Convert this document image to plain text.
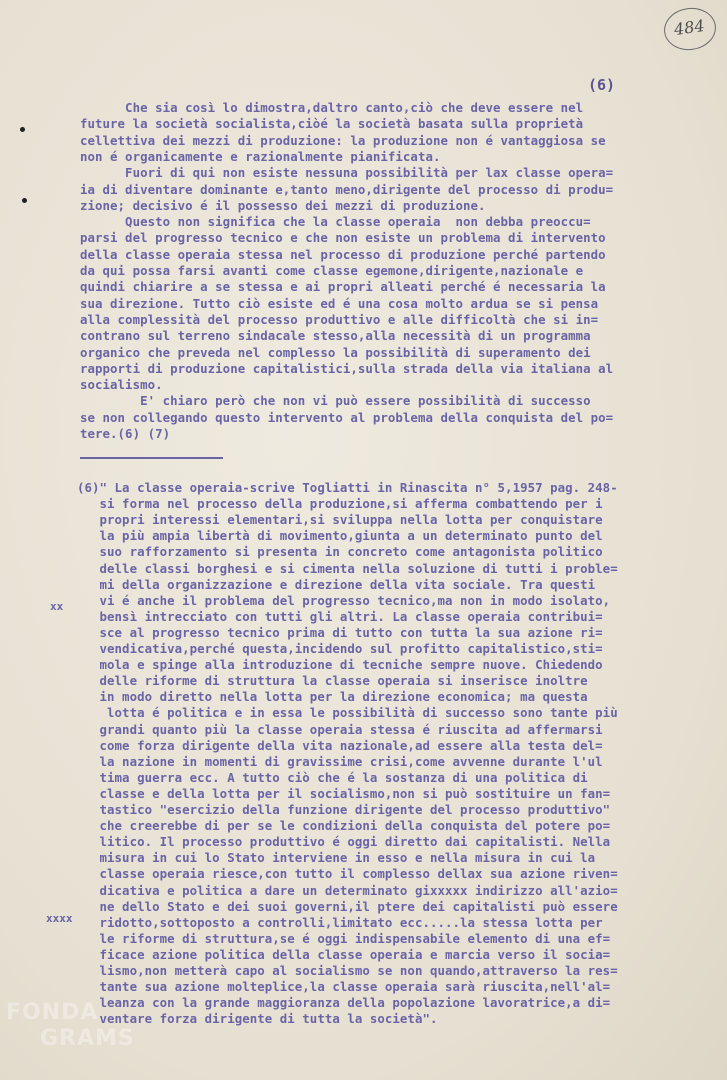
484
(6)
Che sia così lo dimostra,daltro canto,ciò che deve essere nel
future la società socialista,ciòé la società basata sulla proprietà
cellettiva dei mezzi di produzione: la produzione non é vantaggiosa se
non é organicamente e razionalmente pianificata.
Fuori di qui non esiste nessuna possibilità per lax classe opera=
ia di diventare dominante e,tanto meno,dirigente del processo di produ=
zione; decisivo é il possesso dei mezzi di produzione.
Questo non significa che la classe operaia  non debba preoccu=
parsi del progresso tecnico e che non esiste un problema di intervento
della classe operaia stessa nel processo di produzione perché partendo
da qui possa farsi avanti come classe egemone,dirigente,nazionale e
quindi chiarire a se stessa e ai propri alleati perché é necessaria la
sua direzione. Tutto ciò esiste ed é una cosa molto ardua se si pensa
alla complessità del processo produttivo e alle difficoltà che si in=
contrano sul terreno sindacale stesso,alla necessità di un programma
organico che preveda nel complesso la possibilità di superamento dei
rapporti di produzione capitalistici,sulla strada della via italiana al
socialismo.
E' chiaro però che non vi può essere possibilità di successo
se non collegando questo intervento al problema della conquista del po=
tere.(6) (7)
(6)" La classe operaia-scrive Togliatti in Rinascita n° 5,1957 pag. 248-
si forma nel processo della produzione,si afferma combattendo per i
propri interessi elementari,si sviluppa nella lotta per conquistare
la più ampia libertà di movimento,giunta a un determinato punto del
suo rafforzamento si presenta in concreto come antagonista politico
delle classi borghesi e si cimenta nella soluzione di tutti i proble=
mi della organizzazione e direzione della vita sociale. Tra questi
vi é anche il problema del progresso tecnico,ma non in modo isolato,
bensì intrecciato con tutti gli altri. La classe operaia contribui=
sce al progresso tecnico prima di tutto con tutta la sua azione ri=
vendicativa,perché questa,incidendo sul profitto capitalistico,sti=
mola e spinge alla introduzione di tecniche sempre nuove. Chiedendo
delle riforme di struttura la classe operaia si inserisce inoltre
in modo diretto nella lotta per la direzione economica; ma questa
lotta é politica e in essa le possibilità di successo sono tante più
grandi quanto più la classe operaia stessa é riuscita ad affermarsi
come forza dirigente della vita nazionale,ad essere alla testa del=
la nazione in momenti di gravissime crisi,come avvenne durante l'ul
tima guerra ecc. A tutto ciò che é la sostanza di una politica di
classe e della lotta per il socialismo,non si può sostituire un fan=
tastico "esercizio della funzione dirigente del processo produttivo"
che creerebbe di per se le condizioni della conquista del potere po=
litico. Il processo produttivo é oggi diretto dai capitalisti. Nella
misura in cui lo Stato interviene in esso e nella misura in cui la
classe operaia riesce,con tutto il complesso dellax sua azione riven=
dicativa e politica a dare un determinato gixxxxx indirizzo all'azio=
ne dello Stato e dei suoi governi,il ptere dei capitalisti può essere
ridotto,sottoposto a controlli,limitato ecc.....la stessa lotta per
le riforme di struttura,se é oggi indispensabile elemento di una ef=
ficace azione politica della classe operaia e marcia verso il socia=
lismo,non metterà capo al socialismo se non quando,attraverso la res=
tante sua azione molteplice,la classe operaia sarà riuscita,nell'al=
leanza con la grande maggioranza della popolazione lavoratrice,a di=
ventare forza dirigente di tutta la società".
xx
xxxx
FONDA
GRAMS
